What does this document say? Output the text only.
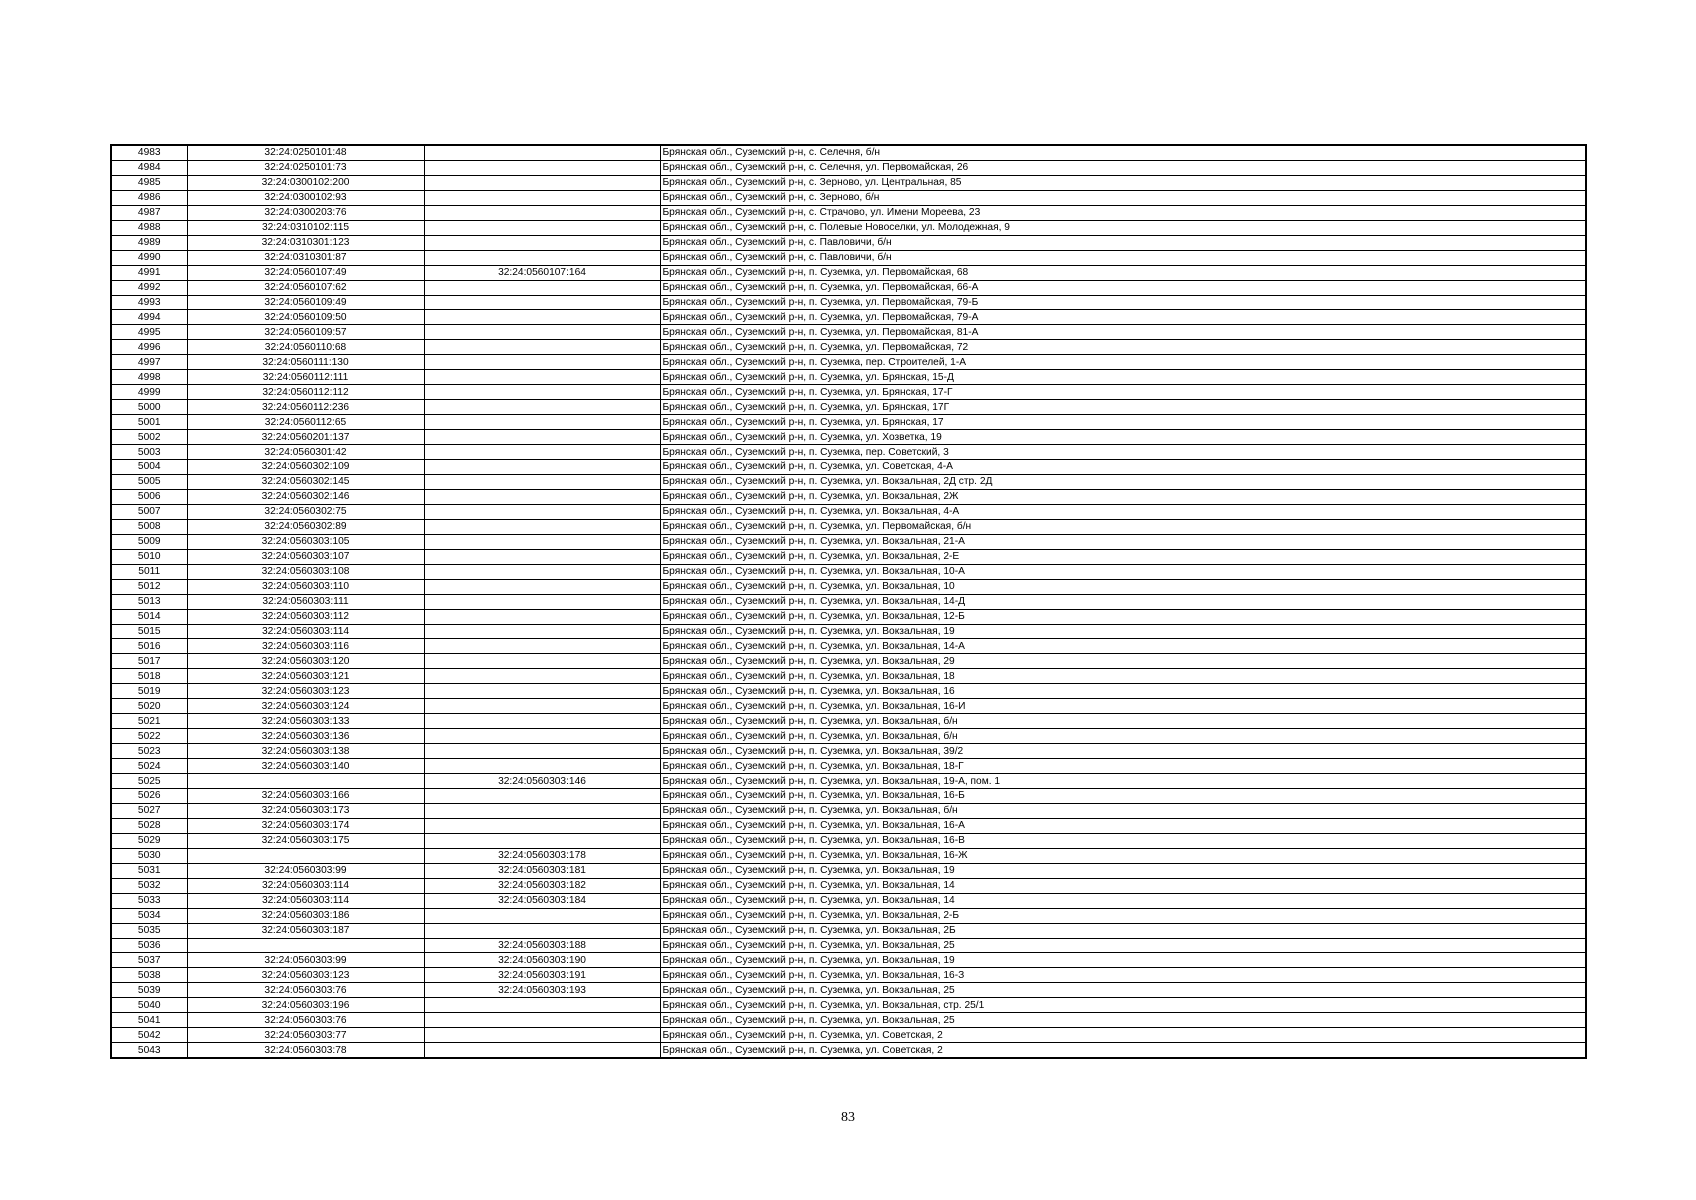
4983	32:24:0250101:48		Брянская обл., Суземский р-н, с. Селечня, б/н
4984	32:24:0250101:73		Брянская обл., Суземский р-н, с. Селечня, ул. Первомайская, 26
4985	32:24:0300102:200		Брянская обл., Суземский р-н, с. Зерново, ул. Центральная, 85
4986	32:24:0300102:93		Брянская обл., Суземский р-н, с. Зерново, б/н
4987	32:24:0300203:76		Брянская обл., Суземский р-н, с. Страчово, ул. Имени Мореева, 23
4988	32:24:0310102:115		Брянская обл., Суземский р-н, с. Полевые Новоселки, ул. Молодежная, 9
4989	32:24:0310301:123		Брянская обл., Суземский р-н, с. Павловичи, б/н
4990	32:24:0310301:87		Брянская обл., Суземский р-н, с. Павловичи, б/н
4991	32:24:0560107:49	32:24:0560107:164	Брянская обл., Суземский р-н, п. Суземка, ул. Первомайская, 68
4992	32:24:0560107:62		Брянская обл., Суземский р-н, п. Суземка, ул. Первомайская, 66-А
4993	32:24:0560109:49		Брянская обл., Суземский р-н, п. Суземка, ул. Первомайская, 79-Б
4994	32:24:0560109:50		Брянская обл., Суземский р-н, п. Суземка, ул. Первомайская, 79-А
4995	32:24:0560109:57		Брянская обл., Суземский р-н, п. Суземка, ул. Первомайская, 81-А
4996	32:24:0560110:68		Брянская обл., Суземский р-н, п. Суземка, ул. Первомайская, 72
4997	32:24:0560111:130		Брянская обл., Суземский р-н, п. Суземка, пер. Строителей, 1-А
4998	32:24:0560112:111		Брянская обл., Суземский р-н, п. Суземка, ул. Брянская, 15-Д
4999	32:24:0560112:112		Брянская обл., Суземский р-н, п. Суземка, ул. Брянская, 17-Г
5000	32:24:0560112:236		Брянская обл., Суземский р-н, п. Суземка, ул. Брянская, 17Г
5001	32:24:0560112:65		Брянская обл., Суземский р-н, п. Суземка, ул. Брянская, 17
5002	32:24:0560201:137		Брянская обл., Суземский р-н, п. Суземка, ул. Хозветка, 19
5003	32:24:0560301:42		Брянская обл., Суземский р-н, п. Суземка, пер. Советский, 3
5004	32:24:0560302:109		Брянская обл., Суземский р-н, п. Суземка, ул. Советская, 4-А
5005	32:24:0560302:145		Брянская обл., Суземский р-н, п. Суземка, ул. Вокзальная, 2Д стр. 2Д
5006	32:24:0560302:146		Брянская обл., Суземский р-н, п. Суземка, ул. Вокзальная, 2Ж
5007	32:24:0560302:75		Брянская обл., Суземский р-н, п. Суземка, ул. Вокзальная, 4-А
5008	32:24:0560302:89		Брянская обл., Суземский р-н, п. Суземка, ул. Первомайская, б/н
5009	32:24:0560303:105		Брянская обл., Суземский р-н, п. Суземка, ул. Вокзальная, 21-А
5010	32:24:0560303:107		Брянская обл., Суземский р-н, п. Суземка, ул. Вокзальная, 2-Е
5011	32:24:0560303:108		Брянская обл., Суземский р-н, п. Суземка, ул. Вокзальная, 10-А
5012	32:24:0560303:110		Брянская обл., Суземский р-н, п. Суземка, ул. Вокзальная, 10
5013	32:24:0560303:111		Брянская обл., Суземский р-н, п. Суземка, ул. Вокзальная, 14-Д
5014	32:24:0560303:112		Брянская обл., Суземский р-н, п. Суземка, ул. Вокзальная, 12-Б
5015	32:24:0560303:114		Брянская обл., Суземский р-н, п. Суземка, ул. Вокзальная, 19
5016	32:24:0560303:116		Брянская обл., Суземский р-н, п. Суземка, ул. Вокзальная, 14-А
5017	32:24:0560303:120		Брянская обл., Суземский р-н, п. Суземка, ул. Вокзальная, 29
5018	32:24:0560303:121		Брянская обл., Суземский р-н, п. Суземка, ул. Вокзальная, 18
5019	32:24:0560303:123		Брянская обл., Суземский р-н, п. Суземка, ул. Вокзальная, 16
5020	32:24:0560303:124		Брянская обл., Суземский р-н, п. Суземка, ул. Вокзальная, 16-И
5021	32:24:0560303:133		Брянская обл., Суземский р-н, п. Суземка, ул. Вокзальная, б/н
5022	32:24:0560303:136		Брянская обл., Суземский р-н, п. Суземка, ул. Вокзальная, б/н
5023	32:24:0560303:138		Брянская обл., Суземский р-н, п. Суземка, ул. Вокзальная, 39/2
5024	32:24:0560303:140		Брянская обл., Суземский р-н, п. Суземка, ул. Вокзальная, 18-Г
5025		32:24:0560303:146	Брянская обл., Суземский р-н, п. Суземка, ул. Вокзальная, 19-А, пом. 1
5026	32:24:0560303:166		Брянская обл., Суземский р-н, п. Суземка, ул. Вокзальная, 16-Б
5027	32:24:0560303:173		Брянская обл., Суземский р-н, п. Суземка, ул. Вокзальная, б/н
5028	32:24:0560303:174		Брянская обл., Суземский р-н, п. Суземка, ул. Вокзальная, 16-А
5029	32:24:0560303:175		Брянская обл., Суземский р-н, п. Суземка, ул. Вокзальная, 16-В
5030		32:24:0560303:178	Брянская обл., Суземский р-н, п. Суземка, ул. Вокзальная, 16-Ж
5031	32:24:0560303:99	32:24:0560303:181	Брянская обл., Суземский р-н, п. Суземка, ул. Вокзальная, 19
5032	32:24:0560303:114	32:24:0560303:182	Брянская обл., Суземский р-н, п. Суземка, ул. Вокзальная, 14
5033	32:24:0560303:114	32:24:0560303:184	Брянская обл., Суземский р-н, п. Суземка, ул. Вокзальная, 14
5034	32:24:0560303:186		Брянская обл., Суземский р-н, п. Суземка, ул. Вокзальная, 2-Б
5035	32:24:0560303:187		Брянская обл., Суземский р-н, п. Суземка, ул. Вокзальная, 2Б
5036		32:24:0560303:188	Брянская обл., Суземский р-н, п. Суземка, ул. Вокзальная, 25
5037	32:24:0560303:99	32:24:0560303:190	Брянская обл., Суземский р-н, п. Суземка, ул. Вокзальная, 19
5038	32:24:0560303:123	32:24:0560303:191	Брянская обл., Суземский р-н, п. Суземка, ул. Вокзальная, 16-З
5039	32:24:0560303:76	32:24:0560303:193	Брянская обл., Суземский р-н, п. Суземка, ул. Вокзальная, 25
5040	32:24:0560303:196		Брянская обл., Суземский р-н, п. Суземка, ул. Вокзальная, стр. 25/1
5041	32:24:0560303:76		Брянская обл., Суземский р-н, п. Суземка, ул. Вокзальная, 25
5042	32:24:0560303:77		Брянская обл., Суземский р-н, п. Суземка, ул. Советская, 2
5043	32:24:0560303:78		Брянская обл., Суземский р-н, п. Суземка, ул. Советская, 2
83
